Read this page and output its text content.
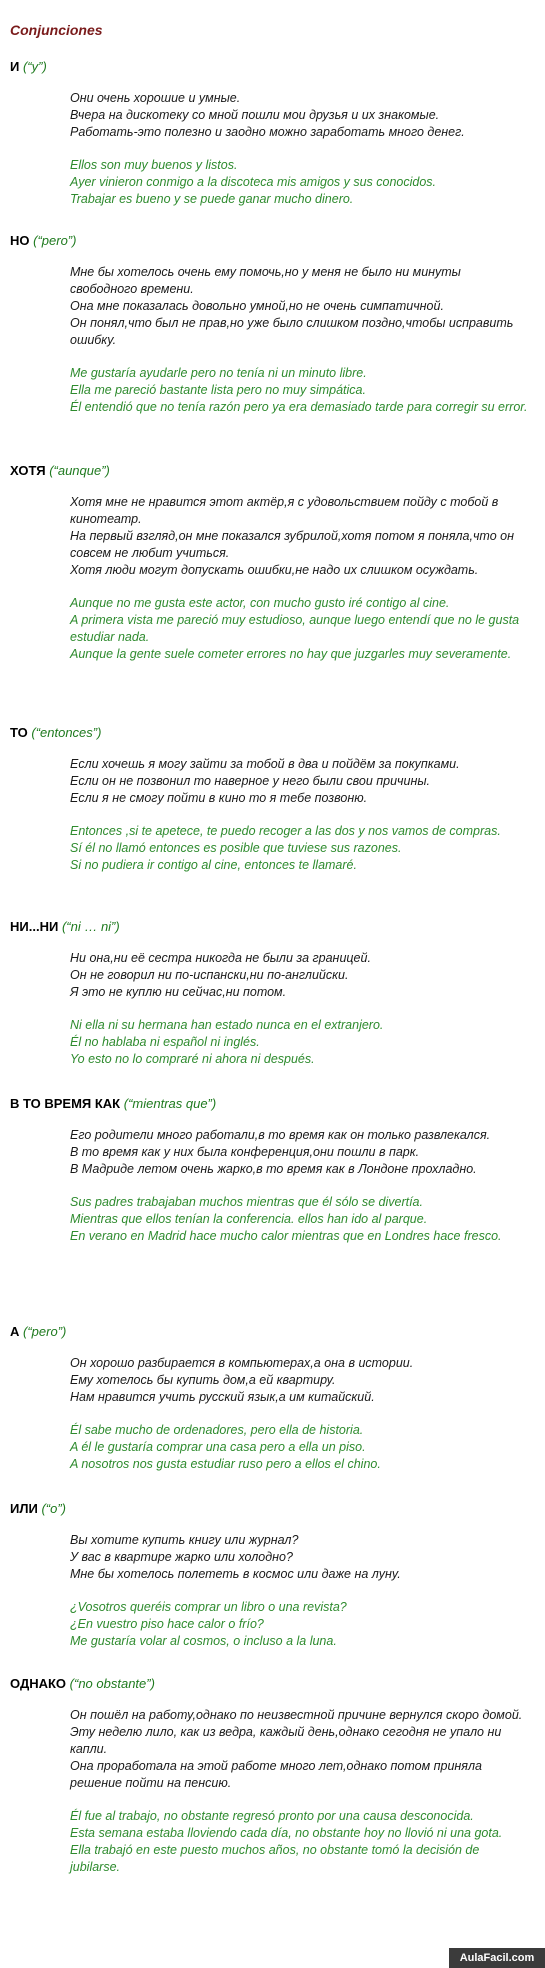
Conjunciones
И (“y”)
Они очень хорошие и умные.
Вчера на дискотеку со мной пошли мои друзья и их знакомые.
Работать-это полезно и заодно можно заработать много денег.
Ellos son muy buenos y listos.
Ayer vinieron conmigo a la discoteca mis amigos y sus conocidos.
Trabajar es bueno y se puede ganar mucho dinero.
НО (“pero”)
Мне бы хотелось очень ему помочь,но у меня не было ни минуты свободного времени.
Она мне показалась довольно умной,но не очень симпатичной.
Он понял,что был не прав,но уже было слишком поздно,чтобы исправить ошибку.
Me gustaría ayudarle pero no tenía ni un minuto libre.
Ella me pareció bastante lista pero no muy simpática.
Él entendió que no tenía razón pero ya era demasiado tarde para corregir su error.
ХОТЯ (“aunque”)
Хотя мне не нравится этот актёр,я с удовольствием пойду с тобой в кинотеатр.
На первый взгляд,он мне показался зубрилой,хотя потом я поняла,что он совсем не любит учиться.
Хотя люди могут допускать ошибки,не надо их слишком осуждать.
Aunque no me gusta este actor, con mucho gusto iré contigo al cine.
A primera vista me pareció muy estudioso, aunque luego entendí que no le gusta estudiar nada.
Aunque la gente suele cometer errores no hay que juzgarles muy severamente.
ТО (“entonces”)
Если хочешь я могу зайти за тобой в два и пойдём за покупками.
Если он не позвонил то наверное у него были свои причины.
Если я не смогу пойти в кино то я тебе позвоню.
Entonces ,si te apetece, te puedo recoger a las dos y nos vamos de compras.
Sí él no llamó entonces es posible que tuviese sus razones.
Si no pudiera ir contigo al cine, entonces te llamaré.
НИ...НИ (“ni … ni”)
Ни она,ни её сестра никогда не были за границей.
Он не говорил ни по-испански,ни по-английски.
Я это не куплю ни сейчас,ни потом.
Ni ella ni su hermana han estado nunca en el extranjero.
Él no hablaba ni español ni inglés.
Yo esto no lo compraré ni ahora ni después.
В ТО ВРЕМЯ КАК (“mientras que”)
Его родители много работали,в то время как он только развлекался.
В то время как у них была конференция,они пошли в парк.
В Мадриде летом очень жарко,в то время как в Лондоне прохладно.
Sus padres trabajaban muchos mientras que él sólo se divertía.
Mientras que ellos tenían la conferencia. ellos han ido al parque.
En verano en Madrid hace mucho calor mientras que en Londres hace fresco.
А (“pero”)
Он хорошо разбирается в компьютерах,а она в истории.
Ему хотелось бы купить дом,а ей квартиру.
Нам нравится учить русский язык,а им китайский.
Él sabe mucho de ordenadores, pero ella de historia.
A él le gustaría comprar una casa pero a ella un piso.
A nosotros nos gusta estudiar ruso pero a ellos el chino.
ИЛИ (“o”)
Вы хотите купить книгу или журнал?
У вас в квартире жарко или холодно?
Мне бы хотелось полететь в космос или даже на луну.
¿Vosotros queréis comprar un libro o una revista?
¿En vuestro piso hace calor o frío?
Me gustaría volar al cosmos, o incluso a la luna.
ОДНАКО (“no obstante”)
Он пошёл на работу,однако по неизвестной причине вернулся скоро домой.
Эту неделю лило, как из ведра, каждый день,однако сегодня не упало ни капли.
Она проработала на этой работе много лет,однако потом приняла решение пойти на пенсию.
Él fue al trabajo, no obstante regresó pronto por una causa desconocida.
Esta semana estaba lloviendo cada día, no obstante hoy no llovió ni una gota.
Ella trabajó en este puesto muchos años, no obstante tomó la decisión de jubilarse.
AulaFacil.com
